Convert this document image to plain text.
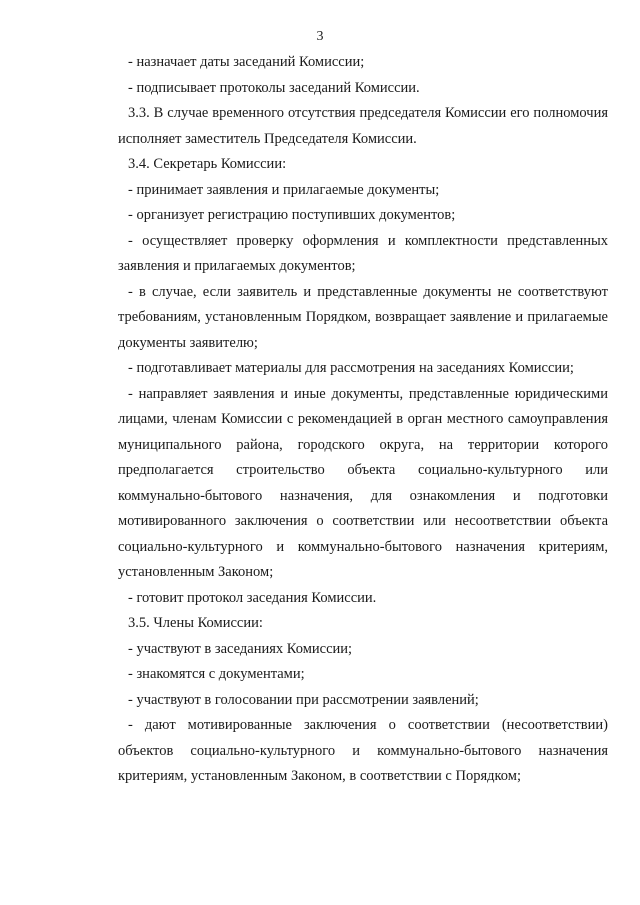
3

- назначает даты заседаний Комиссии;

- подписывает протоколы заседаний Комиссии.

3.3. В случае временного отсутствия председателя Комиссии его полномочия исполняет заместитель Председателя Комиссии.

3.4. Секретарь Комиссии:

- принимает заявления и прилагаемые документы;

- организует регистрацию поступивших документов;

- осуществляет проверку оформления и комплектности представленных заявления и прилагаемых документов;

- в случае, если заявитель и представленные документы не соответствуют требованиям, установленным Порядком, возвращает заявление и прилагаемые документы заявителю;

- подготавливает материалы для рассмотрения на заседаниях Комиссии;

- направляет заявления и иные документы, представленные юридическими лицами, членам Комиссии с рекомендацией в орган местного самоуправления муниципального района, городского округа, на территории которого предполагается строительство объекта социально-культурного или коммунально-бытового назначения, для ознакомления и подготовки мотивированного заключения о соответствии или несоответствии объекта социально-культурного и коммунально-бытового назначения критериям, установленным Законом;

- готовит протокол заседания Комиссии.

3.5. Члены Комиссии:

- участвуют в заседаниях Комиссии;

- знакомятся с документами;

- участвуют в голосовании при рассмотрении заявлений;

- дают мотивированные заключения о соответствии (несоответствии) объектов социально-культурного и коммунально-бытового назначения критериям, установленным Законом, в соответствии с Порядком;
